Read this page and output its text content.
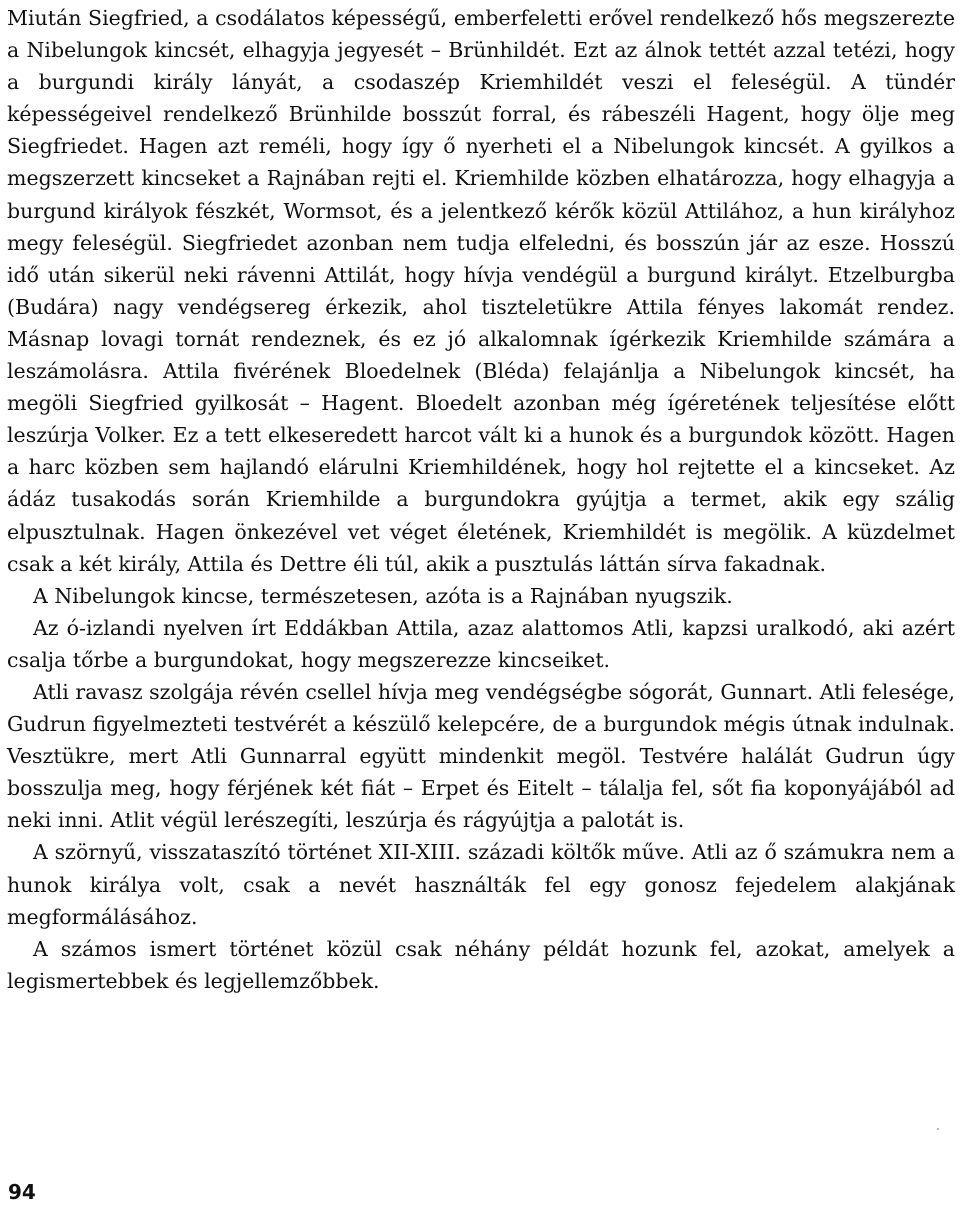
Miután Siegfried, a csodálatos képességű, emberfeletti erővel rendelkező hős megszerezte a Nibelungok kincsét, elhagyja jegyesét – Brünhildét. Ezt az álnok tettét azzal tetézi, hogy a burgundi király lányát, a csodaszép Kriemhildét veszi el feleségül. A tündér képességeivel rendelkező Brünhilde bosszút forral, és rábeszéli Hagent, hogy ölje meg Siegfriedet. Hagen azt reméli, hogy így ő nyerheti el a Nibelungok kincsét. A gyilkos a megszerzett kincseket a Rajnában rejti el. Kriemhilde közben elhatározza, hogy elhagyja a burgund királyok fészkét, Wormsot, és a jelentkező kérők közül Attilához, a hun királyhoz megy feleségül. Siegfriedet azonban nem tudja elfeledni, és bosszún jár az esze. Hosszú idő után sikerül neki rávenni Attilát, hogy hívja vendégül a burgund királyt. Etzelburgba (Budára) nagy vendégsereg érkezik, ahol tiszteletükre Attila fényes lakomát rendez. Másnap lovagi tornát rendeznek, és ez jó alkalomnak ígérkezik Kriemhilde számára a leszámolásra. Attila fivérének Bloedelnek (Bléda) felajánlja a Nibelungok kincsét, ha megöli Siegfried gyilkosát – Hagent. Bloedelt azonban még ígéretének teljesítése előtt leszúrja Volker. Ez a tett elkeseredett harcot vált ki a hunok és a burgundok között. Hagen a harc közben sem hajlandó elárulni Kriemhildének, hogy hol rejtette el a kincseket. Az ádáz tusakodás során Kriemhilde a burgundokra gyújtja a termet, akik egy szálig elpusztulnak. Hagen önkezével vet véget életének, Kriemhildét is megölik. A küzdelmet csak a két király, Attila és Dettre éli túl, akik a pusztulás láttán sírva fakadnak.

A Nibelungok kincse, természetesen, azóta is a Rajnában nyugszik.

Az ó-izlandi nyelven írt Eddákban Attila, azaz alattomos Atli, kapzsi uralkodó, aki azért csalja tőrbe a burgundokat, hogy megszerezze kincseiket.

Atli ravasz szolgája révén csellel hívja meg vendégségbe sógorát, Gunnart. Atli felesége, Gudrun figyelmezteti testvérét a készülő kelepcére, de a burgundok mégis útnak indulnak. Vesztükre, mert Atli Gunnarral együtt mindenkit megöl. Testvére halálát Gudrun úgy bosszulja meg, hogy férjének két fiát – Erpet és Eitelt – tálalja fel, sőt fia koponyájából ad neki inni. Atlit végül lerészegíti, leszúrja és rágyújtja a palotát is.

A szörnyű, visszataszító történet XII-XIII. századi költők műve. Atli az ő számukra nem a hunok királya volt, csak a nevét használták fel egy gonosz fejedelem alakjának megformálásához.

A számos ismert történet közül csak néhány példát hozunk fel, azokat, amelyek a legismertebbek és legjellemzőbbek.

94
